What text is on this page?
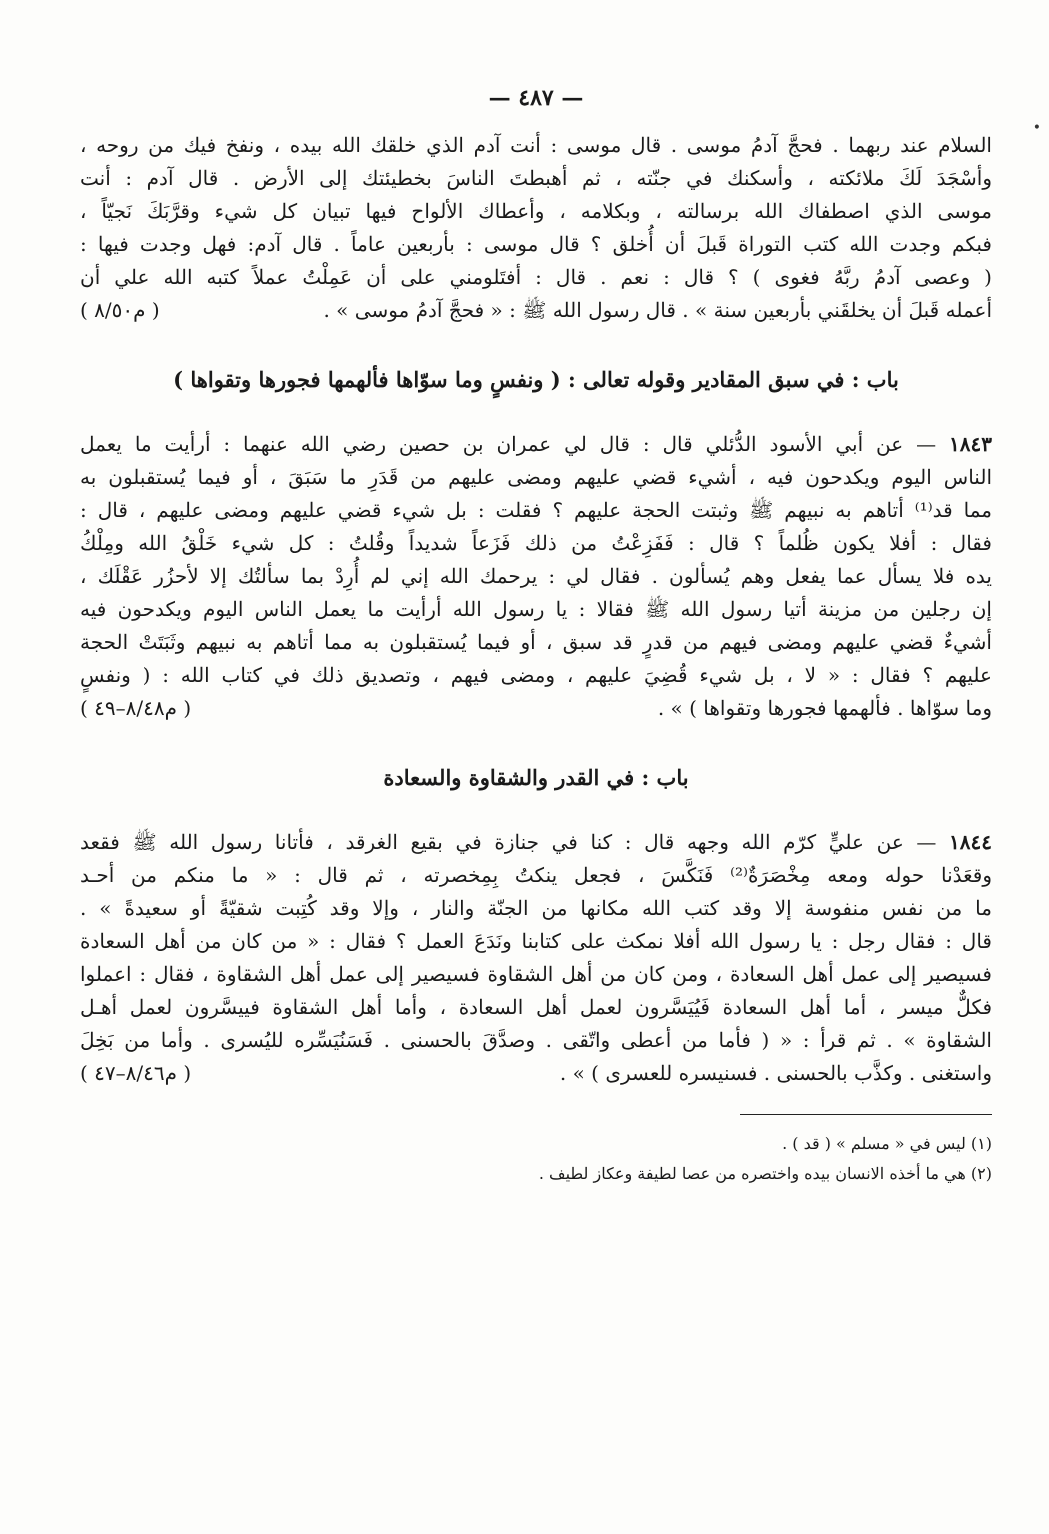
•
— ٤٨٧ —
السلام عند ربهما . فحجَّ آدمُ موسى . قال موسى : أنت آدم الذي خلقك الله بيده ، ونفخ فيك من روحه ،
وأسْجَدَ لَكَ ملائكته ، وأسكنك في جنّته ، ثم أهبطتَ الناسَ بخطيئتك إلى الأرض . قال آدم : أنت
موسى الذي اصطفاك الله برسالته ، وبكلامه ، وأعطاك الألواح فيها تبيان كل شيء وقرَّبَكَ نَجيّاً ،
فبكم وجدت الله كتب التوراة قَبلَ أن أُخلق ؟ قال موسى : بأربعين عاماً . قال آدم: فهل وجدت فيها :
( وعصى آدمُ ربَّهُ فغوى ) ؟ قال : نعم . قال : أفتَلومني على أن عَمِلْتُ عملاً كتبه الله علي أن
أعمله قَبلَ أن يخلقَني بأربعين سنة » . قال رسول الله ﷺ : « فحجَّ آدمُ موسى » .
( م٨/٥٠ )
باب : في سبق المقادير وقوله تعالى : ( ونفسٍ وما سوّاها فألهمها فجورها وتقواها )
١٨٤٣ — عن أبي الأسود الدُّئلي قال : قال لي عمران بن حصين رضي الله عنهما : أرأيت ما يعمل
الناس اليوم ويكدحون فيه ، أشيء قضي عليهم ومضى عليهم من قَدَرِ ما سَبَقَ ، أو فيما يُستقبلون به
مما قد⁽¹⁾ أتاهم به نبيهم ﷺ وثبتت الحجة عليهم ؟ فقلت : بل شيء قضي عليهم ومضى عليهم ، قال :
فقال : أفلا يكون ظُلماً ؟ قال : فَفَزِعْتُ من ذلك فَزَعاً شديداً وقُلتُ : كل شيء خَلْقُ الله ومِلْكُ
يده فلا يسأل عما يفعل وهم يُسألون . فقال لي : يرحمك الله إني لم أُرِدْ بما سألتُك إلا لأحزُر عَقْلَك ،
إن رجلين من مزينة أتيا رسول الله ﷺ فقالا : يا رسول الله أرأيت ما يعمل الناس اليوم ويكدحون فيه
أشيءٌ قضي عليهم ومضى فيهم من قدرٍ قد سبق ، أو فيما يُستقبلون به مما أتاهم به نبيهم وثَبَتَتْ الحجة
عليهم ؟ فقال : « لا ، بل شيء قُضِيَ عليهم ، ومضى فيهم ، وتصديق ذلك في كتاب الله : ( ونفسٍ
وما سوّاها . فألهمها فجورها وتقواها ) » .
( م٨/٤٨–٤٩ )
باب : في القدر والشقاوة والسعادة
١٨٤٤ — عن عليٍّ كرّم الله وجهه قال : كنا في جنازة في بقيع الغرقد ، فأتانا رسول الله ﷺ فقعد
وقعَدْنا حوله ومعه مِخْصَرَةٌ⁽²⁾ فَنَكَّسَ ، فجعل ينكتُ بِمِخصرته ، ثم قال : « ما منكم من أحـد
ما من نفس منفوسة إلا وقد كتب الله مكانها من الجنّة والنار ، وإلا وقد كُتِبت شقيّةً أو سعيدةً » .
قال : فقال رجل : يا رسول الله أفلا نمكث على كتابنا ونَدَعَ العمل ؟ فقال : « من كان من أهل السعادة
فسيصير إلى عمل أهل السعادة ، ومن كان من أهل الشقاوة فسيصير إلى عمل أهل الشقاوة ، فقال : اعملوا
فكلٌّ ميسر ، أما أهل السعادة فَيُيَسَّرون لعمل أهل السعادة ، وأما أهل الشقاوة فييسَّرون لعمل أهـل
الشقاوة » . ثم قرأ : « ( فأما من أعطى واتّقى . وصدَّقَ بالحسنى . فَسَنُيَسِّره لليُسرى . وأما من بَخِلَ
واستغنى . وكذَّب بالحسنى . فسنيسره للعسرى ) » .
( م٨/٤٦–٤٧ )
(١) ليس في « مسلم » ( قد ) .
(٢) هي ما أخذه الانسان بيده واختصره من عصا لطيفة وعكاز لطيف .
